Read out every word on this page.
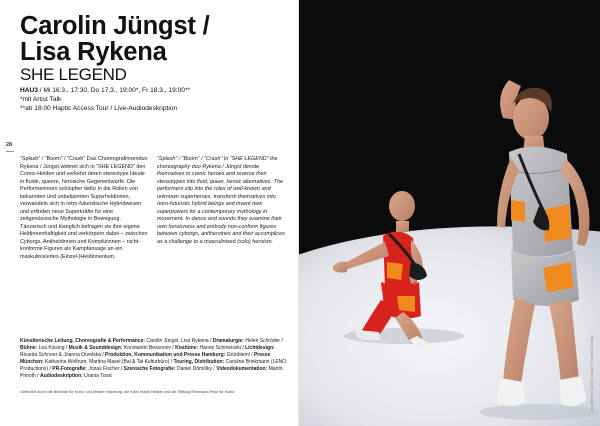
Carolin Jüngst /
Lisa Rykena
SHE LEGEND
HAU3 / Mi 16.3., 17:30, Do 17.3., 19:00*, Fr 18.3., 19:00**
*mit Artist Talk
**ab 18:00 Haptic Access Tour / Live-Audiodeskription
28
“Splash” / “Boom” / “Crash” Das Choreografinnenduo Rykena / Jüngst widmet sich in “SHE LEGEND” den Comic-Helden und verkehrt deren stereotype Ideale in fluide, queere, heroische Gegenentwürfe. Die Performerinnen schlüpfen dafür in die Rollen von bekannten und unbekannten Superheldinnen, verwandeln sich in retro-futuristische Hybridwesen und erfinden neue Superkräfte für eine zeitgenössische Mythologie in Bewegung. Tänzerisch und klanglich befragen sie ihre eigene Heldinnenhaftigkeit und verkörpern dabei – zwischen Cyborgs, Antiheldinnen und Komplizinnen – nicht-konforme Figuren als Kampfansage an ein maskulinisiertes (Einzel-)Heldinnentum.
“Splash” / “Boom” / “Crash” In “SHE LEGEND” the choreography duo Rykena / Jüngst devote themselves to comic heroes and reverse their stereotypes into fluid, queer, heroic alternatives. The performers slip into the roles of well-known and unknown superheroes, transform themselves into retro-futuristic hybrid beings and invent new superpowers for a contemporary mythology in movement. In dance and sounds they examine their own heroicness and embody non-conform figures between cyborgs, antiheroines and their accomplices as a challenge to a masculinised (solo) heroism.
Künstlerische Leitung, Choreografie & Performance: Carolin Jüngst, Lisa Rykena / Dramaturgie: Helen Schröder / Bühne: Lea Kissing / Musik & Sounddesign: Konstantin Bessonov / Kostüme: Hanne Schmeisski / Lichtdesign: Ricarda Schnoor & Joanna Orzelska / Produktion, Kommunikation und Presse Hamburg: Grünbleml / Presse München: Katharina Wolfrum, Martina Masel (Bal & Tal Kulturbüro) / Touring, Distribution: Caroline Brinkmann (LENO Productions) / PR-Fotografie: Jonas Fischer / Szenische Fotografie: Daniel Dömölky / Videodokumentation: Martin Prinoth / Audiodeskription: Urania Tossi
Gefördert durch die Behörde für Kultur und Medien Hamburg, die Karin Maria Hebbel und die Stiftung Rheinland-Pfalz für Kultur.	Lisa Rykena, Carolin Jüngst / © Daniel Dömölky
